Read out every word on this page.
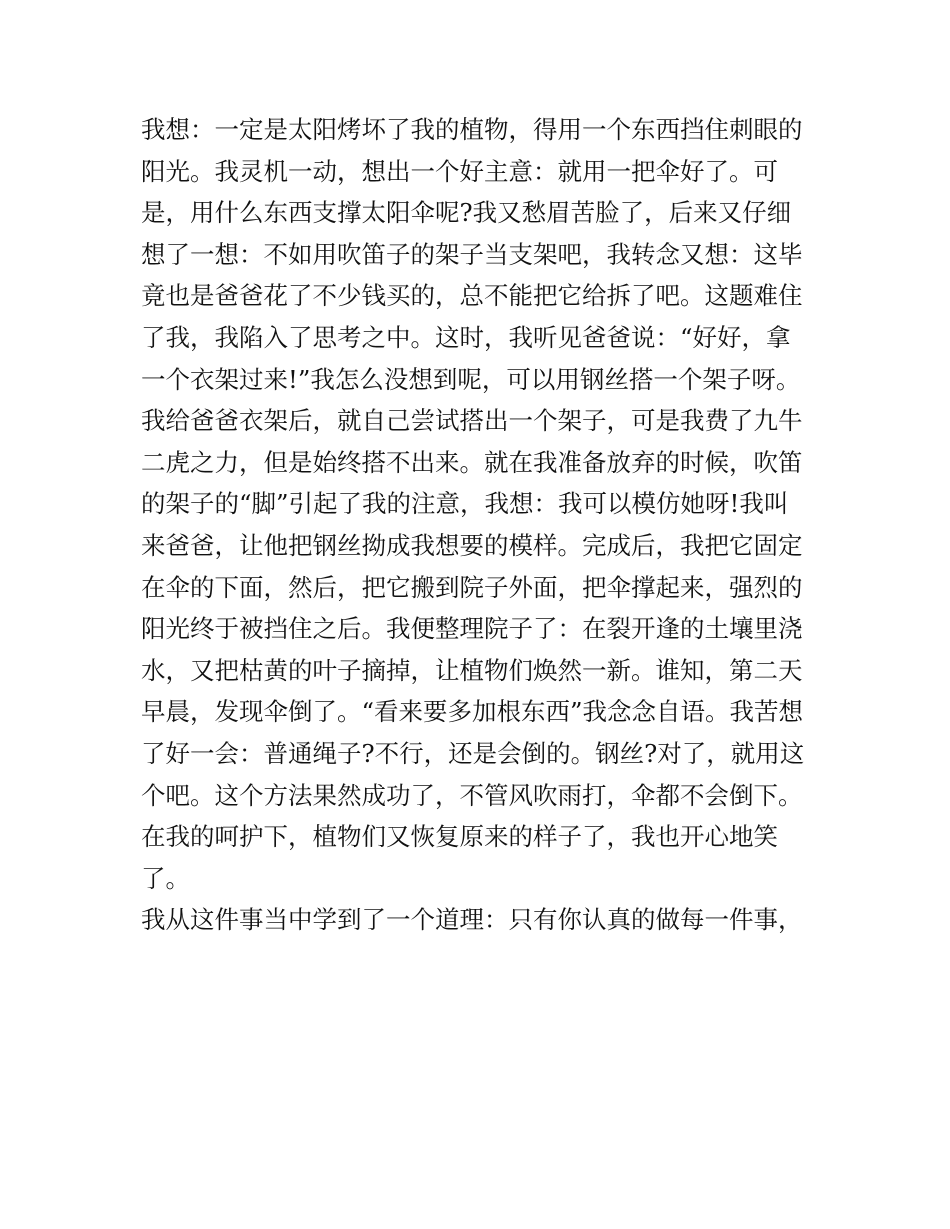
我想：一定是太阳烤坏了我的植物，得用一个东西挡住刺眼的
阳光。我灵机一动，想出一个好主意：就用一把伞好了。可
是，用什么东西支撑太阳伞呢?我又愁眉苦脸了，后来又仔细
想了一想：不如用吹笛子的架子当支架吧，我转念又想：这毕
竟也是爸爸花了不少钱买的，总不能把它给拆了吧。这题难住
了我，我陷入了思考之中。这时，我听见爸爸说：“好好，拿
一个衣架过来!”我怎么没想到呢，可以用钢丝搭一个架子呀。
我给爸爸衣架后，就自己尝试搭出一个架子，可是我费了九牛
二虎之力，但是始终搭不出来。就在我准备放弃的时候，吹笛
的架子的“脚”引起了我的注意，我想：我可以模仿她呀!我叫
来爸爸，让他把钢丝拗成我想要的模样。完成后，我把它固定
在伞的下面，然后，把它搬到院子外面，把伞撑起来，强烈的
阳光终于被挡住之后。我便整理院子了：在裂开逢的土壤里浇
水，又把枯黄的叶子摘掉，让植物们焕然一新。谁知，第二天
早晨，发现伞倒了。“看来要多加根东西”我念念自语。我苦想
了好一会：普通绳子?不行，还是会倒的。钢丝?对了，就用这
个吧。这个方法果然成功了，不管风吹雨打，伞都不会倒下。
在我的呵护下，植物们又恢复原来的样子了，我也开心地笑
了。
我从这件事当中学到了一个道理：只有你认真的做每一件事，
